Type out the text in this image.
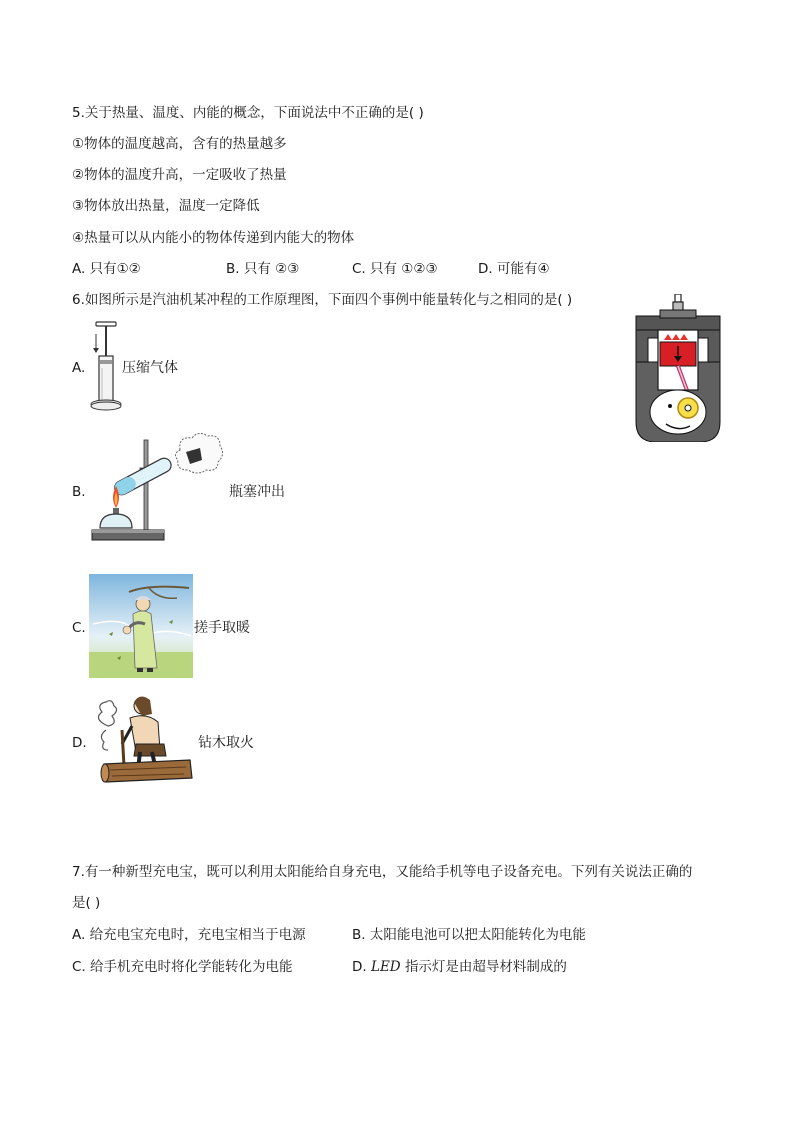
5.关于热量、温度、内能的概念，下面说法中不正确的是( )
①物体的温度越高，含有的热量越多
②物体的温度升高，一定吸收了热量
③物体放出热量，温度一定降低
④热量可以从内能小的物体传递到内能大的物体
A. 只有①②	B. 只有 ②③	C. 只有 ①②③	D. 可能有④
6.如图所示是汽油机某冲程的工作原理图，下面四个事例中能量转化与之相同的是( )
A.	压缩气体
B.	瓶塞冲出
C.	搓手取暖
D.	钻木取火
7.有一种新型充电宝，既可以利用太阳能给自身充电，又能给手机等电子设备充电。下列有关说法正确的
是( )
A. 给充电宝充电时，充电宝相当于电源	B. 太阳能电池可以把太阳能转化为电能
C. 给手机充电时将化学能转化为电能	D. LED 指示灯是由超导材料制成的
